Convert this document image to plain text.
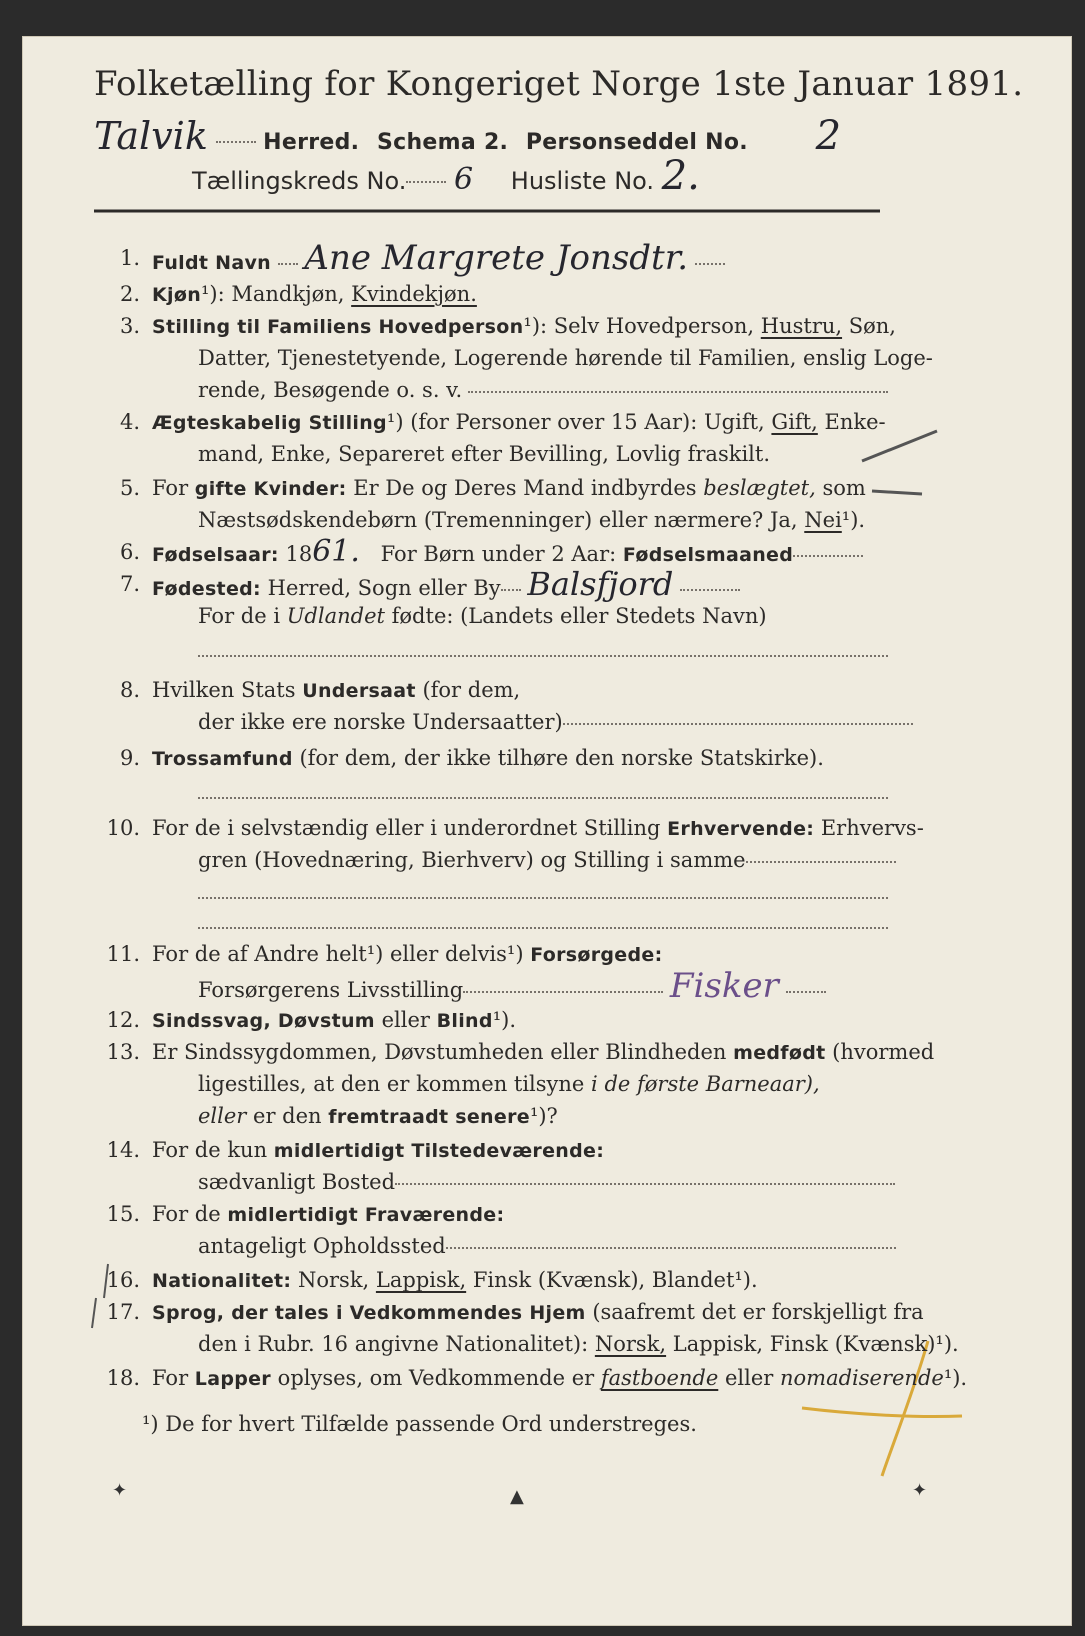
✦	▲	✦
Folketælling for Kongeriget Norge 1ste Januar 1891.
Talvik	Herred. Schema 2. Personseddel No. 2
Tællingskreds No. 6 Husliste No. 2.
1. Fuldt Navn Ane Margrete Jonsdtr.
2. Kjøn¹): Mandkjøn, Kvindekjøn.
3. Stilling til Familiens Hovedperson¹): Selv Hovedperson, Hustru, Søn,
Datter, Tjenestetyende, Logerende hørende til Familien, enslig Loge-
rende, Besøgende o. s. v.
4. Ægteskabelig Stilling¹) (for Personer over 15 Aar): Ugift, Gift, Enke-
mand, Enke, Separeret efter Bevilling, Lovlig fraskilt.
5. For gifte Kvinder: Er De og Deres Mand indbyrdes beslægtet, som
Næstsødskendebørn (Tremenninger) eller nærmere? Ja, Nei¹).
6. Fødselsaar: 1861. For Børn under 2 Aar: Fødselsmaaned
7. Fødested: Herred, Sogn eller By Balsfjord
For de i Udlandet fødte: (Landets eller Stedets Navn)
8. Hvilken Stats Undersaat (for dem,
der ikke ere norske Undersaatter)
9. Trossamfund (for dem, der ikke tilhøre den norske Statskirke).
10. For de i selvstændig eller i underordnet Stilling Erhvervende: Erhvervs-
gren (Hovednæring, Bierhverv) og Stilling i samme
11. For de af Andre helt¹) eller delvis¹) Forsørgede:
Forsørgerens Livsstilling	Fisker
12. Sindssvag, Døvstum eller Blind¹).
13. Er Sindssygdommen, Døvstumheden eller Blindheden medfødt (hvormed
ligestilles, at den er kommen tilsyne i de første Barneaar),
eller er den fremtraadt senere¹)?
14. For de kun midlertidigt Tilstedeværende:
sædvanligt Bosted
15. For de midlertidigt Fraværende:
antageligt Opholdssted
16. Nationalitet: Norsk, Lappisk, Finsk (Kvænsk), Blandet¹).
17. Sprog, der tales i Vedkommendes Hjem (saafremt det er forskjelligt fra
den i Rubr. 16 angivne Nationalitet): Norsk, Lappisk, Finsk (Kvænsk)¹).
18. For Lapper oplyses, om Vedkommende er fastboende eller nomadiserende¹).
¹) De for hvert Tilfælde passende Ord understreges.
